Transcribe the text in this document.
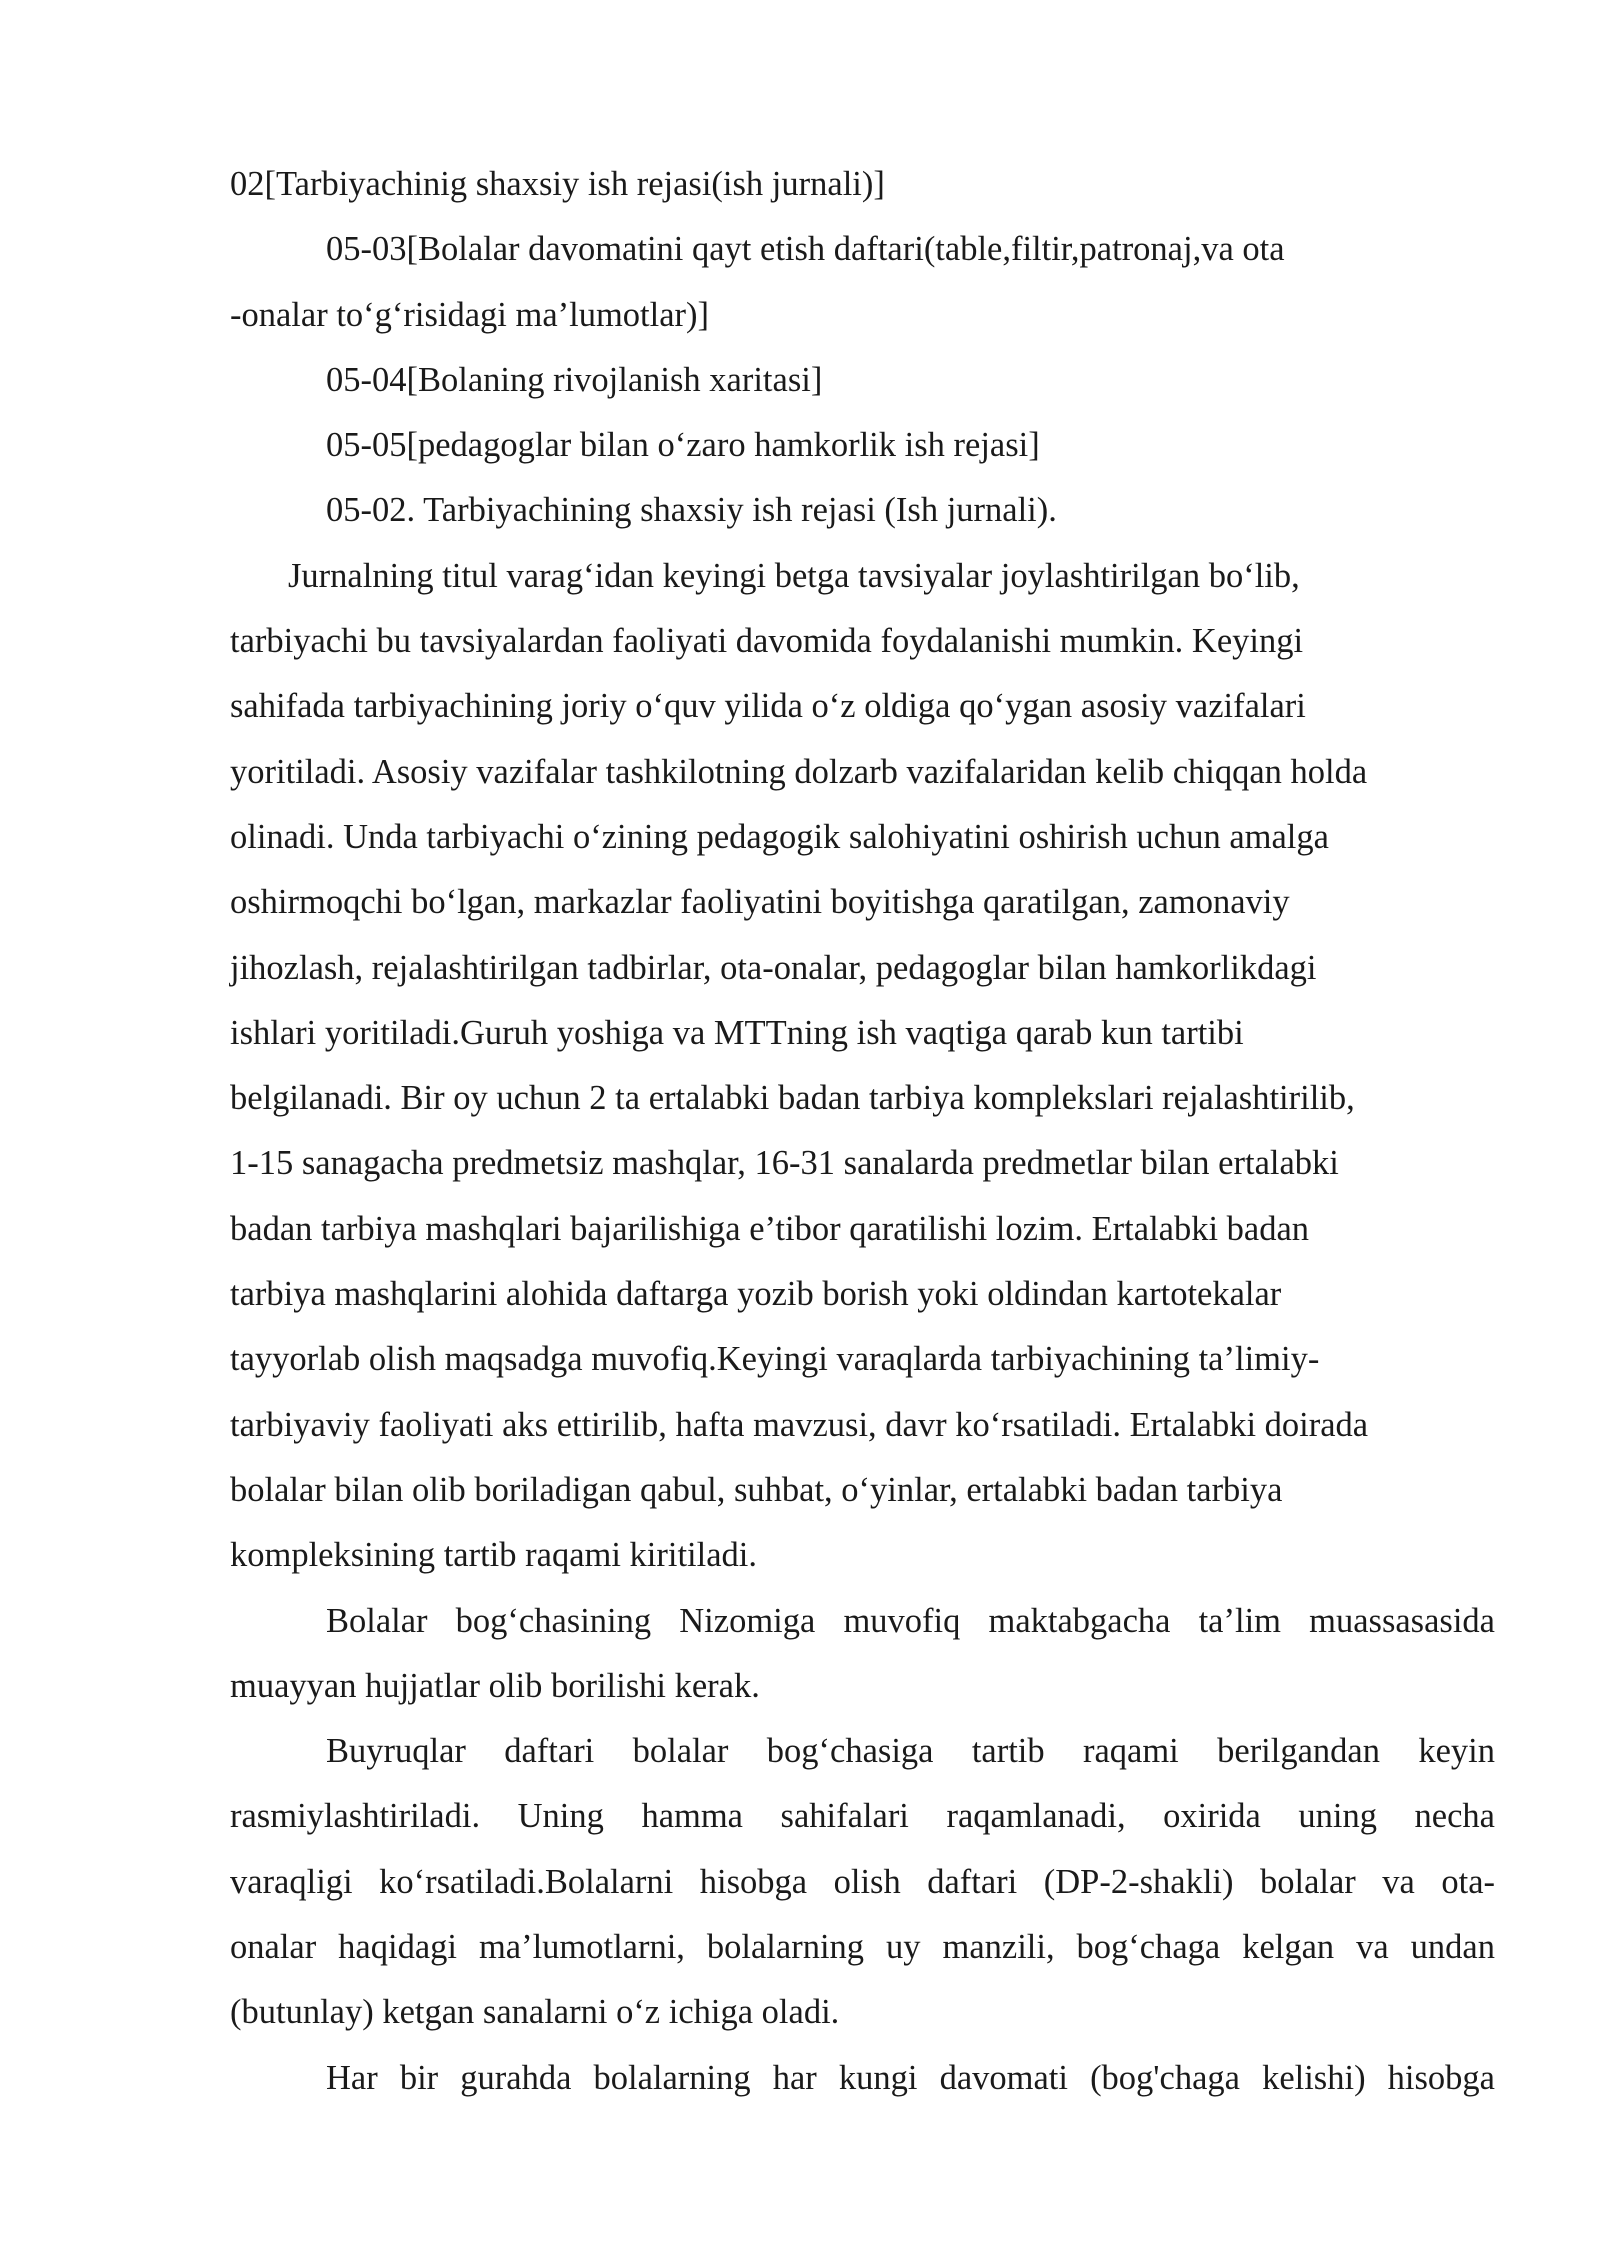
02[Tarbiyachinig shaxsiy ish rejasi(ish jurnali)]
05-03[Bolalar davomatini qayt etish daftari(table,filtir,patronaj,va ota
-onalar to‘g‘risidagi ma’lumotlar)]
05-04[Bolaning rivojlanish xaritasi]
05-05[pedagoglar bilan o‘zaro hamkorlik ish rejasi]
05-02. Tarbiyachining shaxsiy ish rejasi (Ish jurnali).
Jurnalning titul varag‘idan keyingi betga tavsiyalar joylashtirilgan bo‘lib,
tarbiyachi bu tavsiyalardan faoliyati davomida foydalanishi mumkin. Keyingi
sahifada tarbiyachining joriy o‘quv yilida o‘z oldiga qo‘ygan asosiy vazifalari
yoritiladi. Asosiy vazifalar tashkilotning dolzarb vazifalaridan kelib chiqqan holda
olinadi. Unda tarbiyachi o‘zining pedagogik salohiyatini oshirish uchun amalga
oshirmoqchi bo‘lgan, markazlar faoliyatini boyitishga qaratilgan, zamonaviy
jihozlash, rejalashtirilgan tadbirlar, ota-onalar, pedagoglar bilan hamkorlikdagi
ishlari yoritiladi.Guruh yoshiga va MTTning ish vaqtiga qarab kun tartibi
belgilanadi. Bir oy uchun 2 ta ertalabki badan tarbiya komplekslari rejalashtirilib,
1-15 sanagacha predmetsiz mashqlar, 16-31 sanalarda predmetlar bilan ertalabki
badan tarbiya mashqlari bajarilishiga e’tibor qaratilishi lozim. Ertalabki badan
tarbiya mashqlarini alohida daftarga yozib borish yoki oldindan kartotekalar
tayyorlab olish maqsadga muvofiq.Keyingi varaqlarda tarbiyachining ta’limiy-
tarbiyaviy faoliyati aks ettirilib, hafta mavzusi, davr ko‘rsatiladi. Ertalabki doirada
bolalar bilan olib boriladigan qabul, suhbat, o‘yinlar, ertalabki badan tarbiya
kompleksining tartib raqami kiritiladi.
Bolalar bog‘chasining Nizomiga muvofiq maktabgacha ta’lim muassasasida
muayyan hujjatlar olib borilishi kerak.
Buyruqlar daftari bolalar bog‘chasiga tartib raqami berilgandan keyin
rasmiylashtiriladi. Uning hamma sahifalari raqamlanadi, oxirida uning necha
varaqligi ko‘rsatiladi.Bolalarni hisobga olish daftari (DP-2-shakli) bolalar va ota-
onalar haqidagi ma’lumotlarni, bolalarning uy manzili, bog‘chaga kelgan va undan
(butunlay) ketgan sanalarni o‘z ichiga oladi.
Har bir gurahda bolalarning har kungi davomati (bog'chaga kelishi) hisobga
